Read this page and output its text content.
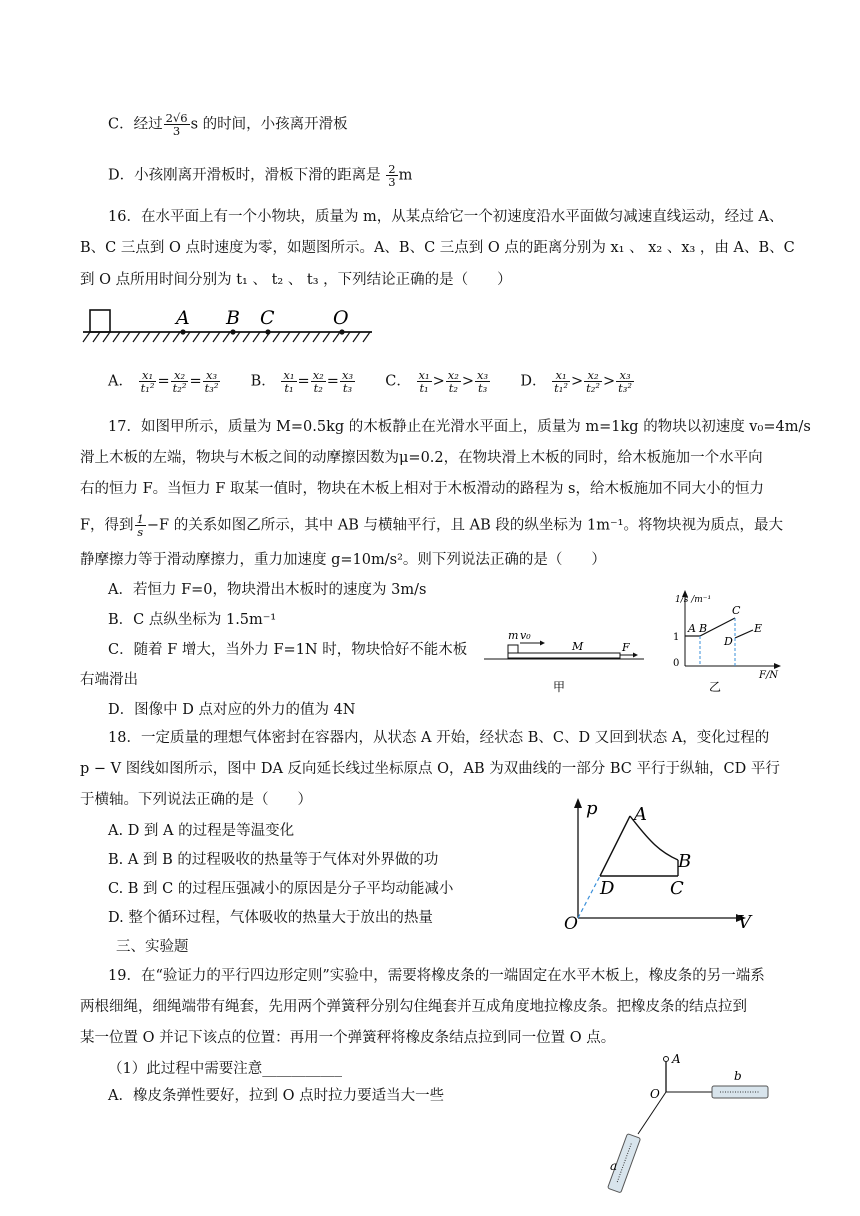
C．经过 $\frac{2√6}{3}$ s 的时间，小孩离开滑板
D．小孩刚离开滑板时，滑板下滑的距离是 $\frac{2}{3}$ m
16．在水平面上有一个小物块，质量为 m，从某点给它一个初速度沿水平面做匀减速直线运动，经过 A、
B、C 三点到 O 点时速度为零，如题图所示。A、B、C 三点到 O 点的距离分别为 x₁ 、 x₂ 、x₃ ，由 A、B、C
到 O 点所用时间分别为 t₁ 、 t₂ 、 t₃ ，下列结论正确的是（　　）
A B C	O
A． $\frac{\text{x₁}}{\text{t₁²}} = \frac{\text{x₂}}{\text{t₂²}} = \frac{\text{x₃}}{\text{t₃²}}$ B． $\frac{\text{x₁}}{\text{t₁}} = \frac{\text{x₂}}{\text{t₂}} = \frac{\text{x₃}}{\text{t₃}}$ C． $\frac{\text{x₁}}{\text{t₁}} > \frac{\text{x₂}}{\text{t₂}} > \frac{\text{x₃}}{\text{t₃}}$ D． $\frac{\text{x₁}}{\text{t₁²}} > \frac{\text{x₂}}{\text{t₂²}} > \frac{\text{x₃}}{\text{t₃²}}$
17．如图甲所示，质量为 M=0.5kg 的木板静止在光滑水平面上，质量为 m=1kg 的物块以初速度 v₀=4m/s
滑上木板的左端，物块与木板之间的动摩擦因数为μ=0.2，在物块滑上木板的同时，给木板施加一个水平向
右的恒力 F。当恒力 F 取某一值时，物块在木板上相对于木板滑动的路程为 s，给木板施加不同大小的恒力
F，得到 $\frac{1}{s} -F$ 的关系如图乙所示，其中 AB 与横轴平行，且 AB 段的纵坐标为 1m⁻¹。将物块视为质点，最大
静摩擦力等于滑动摩擦力，重力加速度 g=10m/s²。则下列说法正确的是（　　）
A．若恒力 F=0，物块滑出木板时的速度为 3m/s
B．C 点纵坐标为 1.5m⁻¹
C．随着 F 增大，当外力 F=1N 时，物块恰好不能木板
右端滑出
D．图像中 D 点对应的外力的值为 4N
m v₀
M	F
甲
1/s /m⁻¹
F/N
1
0
A B
C
D
E
乙
18．一定质量的理想气体密封在容器内，从状态 A 开始，经状态 B、C、D 又回到状态 A，变化过程的
p − V 图线如图所示，图中 DA 反向延长线过坐标原点 O，AB 为双曲线的一部分 BC 平行于纵轴，CD 平行
于横轴。下列说法正确的是（　　）
A. D 到 A 的过程是等温变化
B. A 到 B 的过程吸收的热量等于气体对外界做的功
C. B 到 C 的过程压强减小的原因是分子平均动能减小
D. 整个循环过程，气体吸收的热量大于放出的热量
p
V
O
A
B
C
D
三、实验题
19．在“验证力的平行四边形定则”实验中，需要将橡皮条的一端固定在水平木板上，橡皮条的另一端系
两根细绳，细绳端带有绳套，先用两个弹簧秤分别勾住绳套并互成角度地拉橡皮条。把橡皮条的结点拉到
某一位置 O 并记下该点的位置：再用一个弹簧秤将橡皮条结点拉到同一位置 O 点。
（1）此过程中需要注意___________
A．橡皮条弹性要好，拉到 O 点时拉力要适当大一些
A
O
b
a
